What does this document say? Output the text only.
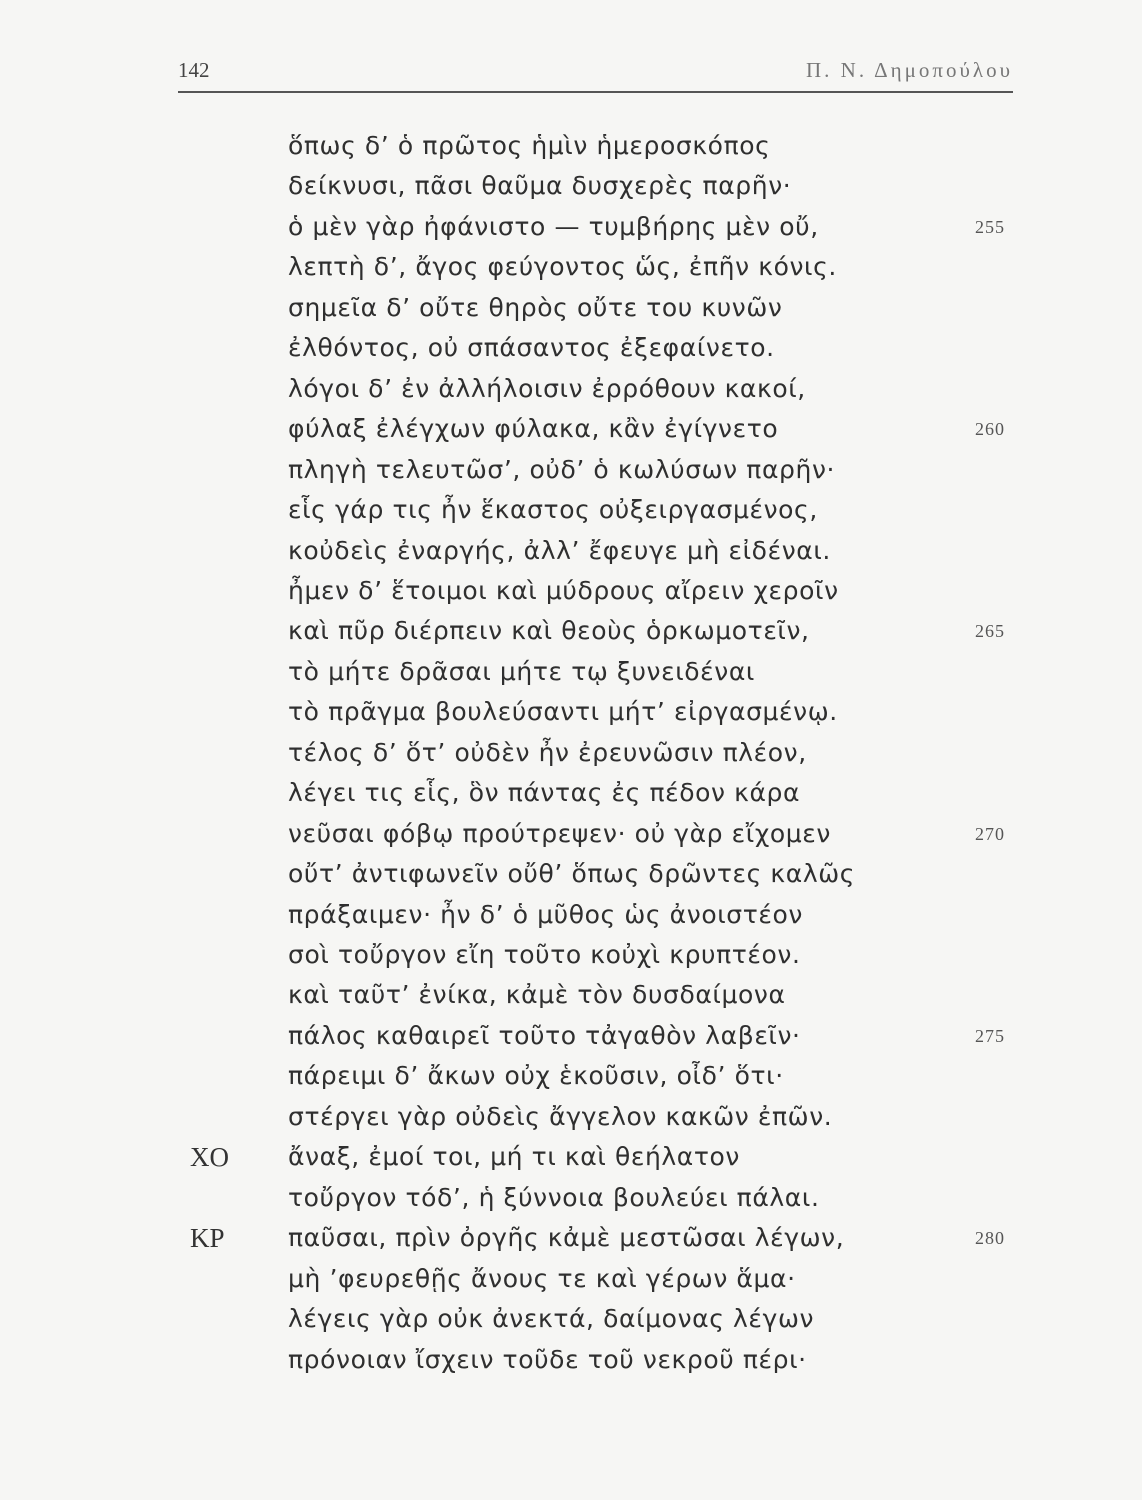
142	Π. Ν. Δημοπούλου
ὅπως δ’ ὁ πρῶτος ἡμὶν ἡμεροσκόπος
δείκνυσι, πᾶσι θαῦμα δυσχερὲς παρῆν·
ὁ μὲν γὰρ ἠφάνιστο — τυμβήρης μὲν οὔ,	255
λεπτὴ δ’, ἄγος φεύγοντος ὥς, ἐπῆν κόνις.
σημεῖα δ’ οὔτε θηρὸς οὔτε του κυνῶν
ἐλθόντος, οὐ σπάσαντος ἐξεφαίνετο.
λόγοι δ’ ἐν ἀλλήλοισιν ἐρρόθουν κακοί,
φύλαξ ἐλέγχων φύλακα, κἂν ἐγίγνετο	260
πληγὴ τελευτῶσ’, οὐδ’ ὁ κωλύσων παρῆν·
εἷς γάρ τις ἦν ἕκαστος οὐξειργασμένος,
κοὐδεὶς ἐναργής, ἀλλ’ ἔφευγε μὴ εἰδέναι.
ἦμεν δ’ ἕτοιμοι καὶ μύδρους αἴρειν χεροῖν
καὶ πῦρ διέρπειν καὶ θεοὺς ὁρκωμοτεῖν,	265
τὸ μήτε δρᾶσαι μήτε τῳ ξυνειδέναι
τὸ πρᾶγμα βουλεύσαντι μήτ’ εἰργασμένῳ.
τέλος δ’ ὅτ’ οὐδὲν ἦν ἐρευνῶσιν πλέον,
λέγει τις εἷς, ὃν πάντας ἐς πέδον κάρα
νεῦσαι φόβῳ προύτρεψεν· οὐ γὰρ εἴχομεν	270
οὔτ’ ἀντιφωνεῖν οὔθ’ ὅπως δρῶντες καλῶς
πράξαιμεν· ἦν δ’ ὁ μῦθος ὡς ἀνοιστέον
σοὶ τοὔργον εἴη τοῦτο κοὐχὶ κρυπτέον.
καὶ ταῦτ’ ἐνίκα, κἀμὲ τὸν δυσδαίμονα
πάλος καθαιρεῖ τοῦτο τἀγαθὸν λαβεῖν·	275
πάρειμι δ’ ἄκων οὐχ ἑκοῦσιν, οἶδ’ ὅτι·
στέργει γὰρ οὐδεὶς ἄγγελον κακῶν ἐπῶν.
ΧΟ ἄναξ, ἐμοί τοι, μή τι καὶ θεήλατον
τοὔργον τόδ’, ἡ ξύννοια βουλεύει πάλαι.
ΚΡ	παῦσαι, πρὶν ὀργῆς κἀμὲ μεστῶσαι λέγων,	280
μὴ ’φευρεθῇς ἄνους τε καὶ γέρων ἅμα·
λέγεις γὰρ οὐκ ἀνεκτά, δαίμονας λέγων
πρόνοιαν ἴσχειν τοῦδε τοῦ νεκροῦ πέρι·
